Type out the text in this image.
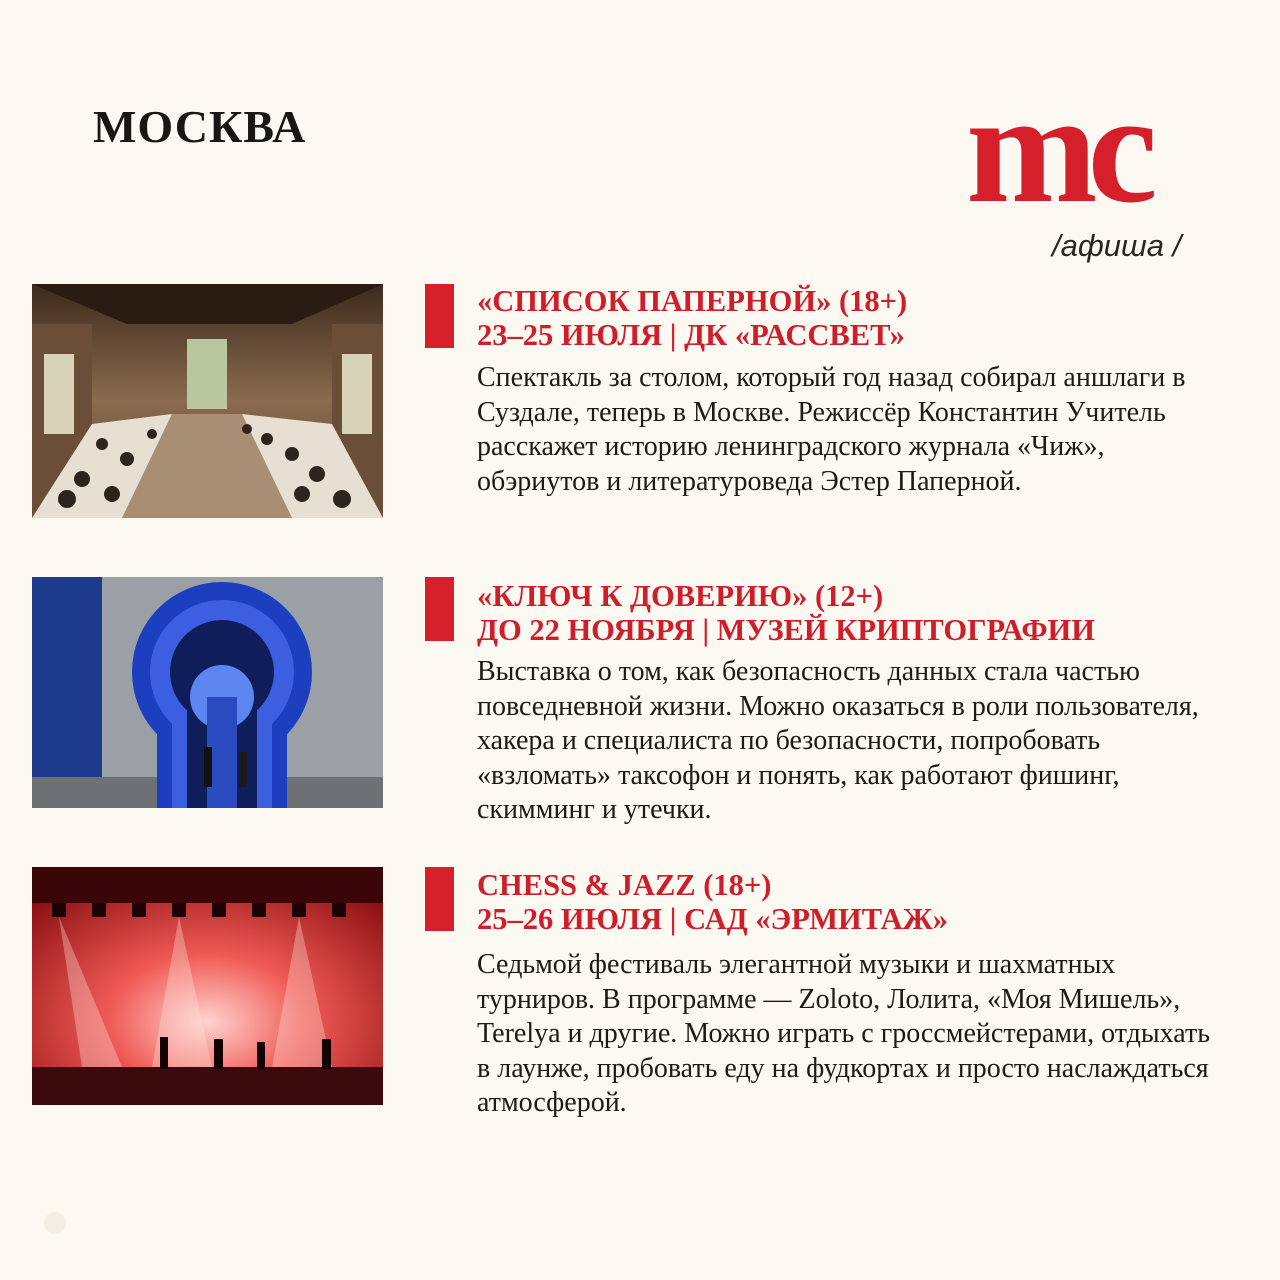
МОСКВА	mc
/афиша /
«СПИСОК ПАПЕРНОЙ» (18+)
23–25 ИЮЛЯ | ДК «РАССВЕТ»
Спектакль за столом, который год назад собирал аншлаги в Суздале, теперь в Москве. Режиссёр Константин Учитель расскажет историю ленинградского журнала «Чиж», обэриутов и литературоведа Эстер Паперной.
«КЛЮЧ К ДОВЕРИЮ» (12+)
ДО 22 НОЯБРЯ | МУЗЕЙ КРИПТОГРАФИИ
Выставка о том, как безопасность данных стала частью повседневной жизни. Можно оказаться в роли пользователя, хакера и специалиста по безопасности, попробовать «взломать» таксофон и понять, как работают фишинг, скимминг и утечки.
CHESS & JAZZ (18+)
25–26 ИЮЛЯ | САД «ЭРМИТАЖ»
Седьмой фестиваль элегантной музыки и шахматных турниров. В программе — Zoloto, Лолита, «Моя Мишель», Terelya и другие. Можно играть с гроссмейстерами, отдыхать в лаунже, пробовать еду на фудкортах и просто наслаждаться атмосферой.
